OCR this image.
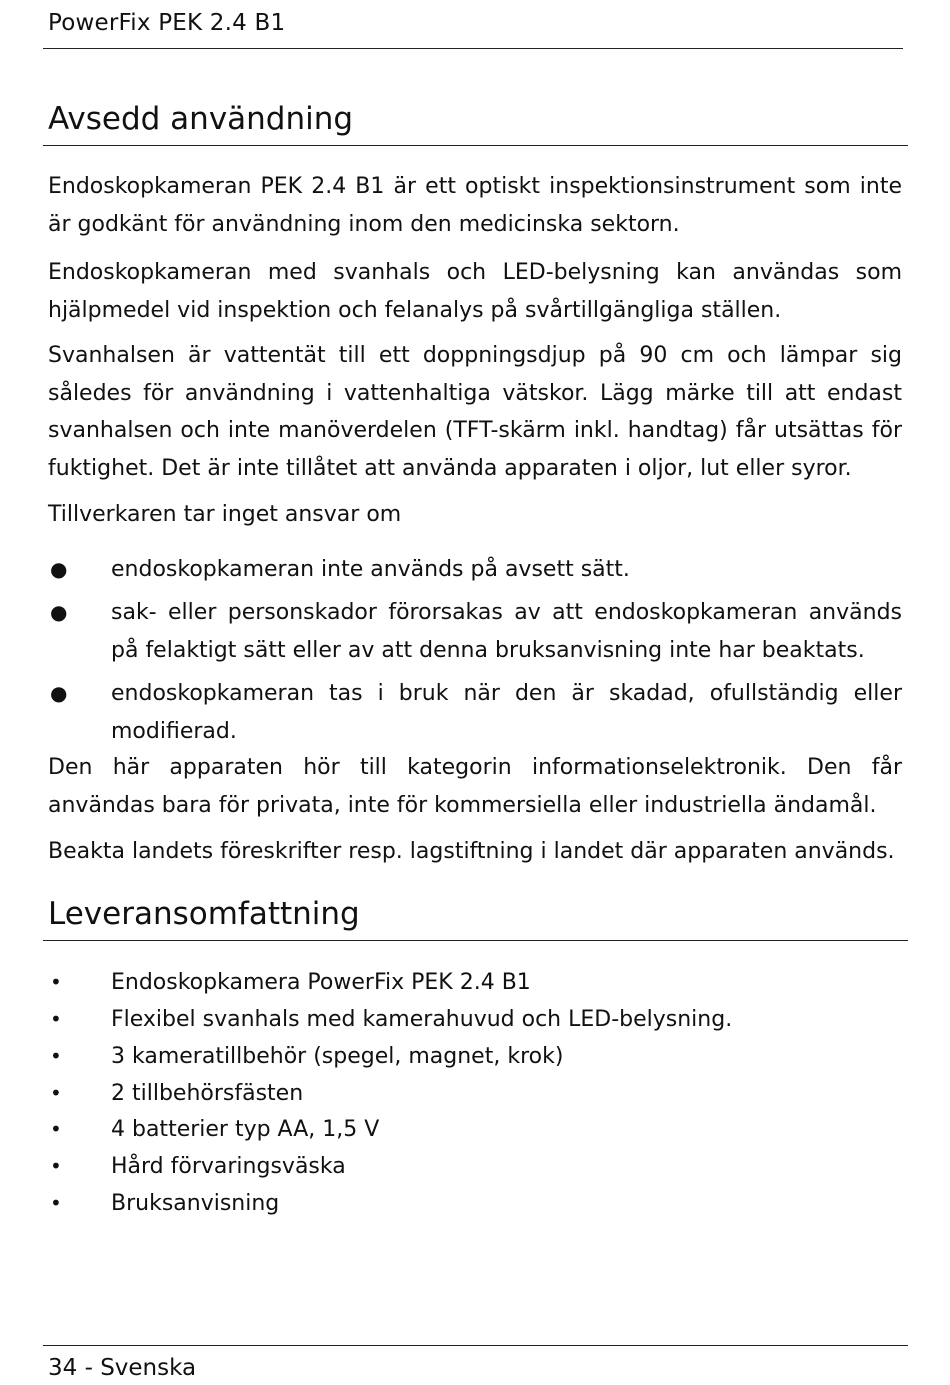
PowerFix PEK 2.4 B1
Avsedd användning

Endoskopkameran PEK 2.4 B1 är ett optiskt inspektionsinstrument som inte är godkänt för användning inom den medicinska sektorn.

Endoskopkameran med svanhals och LED-belysning kan användas som hjälpmedel vid inspektion och felanalys på svårtillgängliga ställen.

Svanhalsen är vattentät till ett doppningsdjup på 90 cm och lämpar sig således för användning i vattenhaltiga vätskor. Lägg märke till att endast svanhalsen och inte manöverdelen (TFT-skärm inkl. handtag) får utsättas för fuktighet. Det är inte tillåtet att använda apparaten i oljor, lut eller syror.

Tillverkaren tar inget ansvar om

● endoskopkameran inte används på avsett sätt.
● sak- eller personskador förorsakas av att endoskopkameran används på felaktigt sätt eller av att denna bruksanvisning inte har beaktats.
● endoskopkameran tas i bruk när den är skadad, ofullständig eller modifierad.

Den här apparaten hör till kategorin informationselektronik. Den får användas bara för privata, inte för kommersiella eller industriella ändamål.

Beakta landets föreskrifter resp. lagstiftning i landet där apparaten används.

Leveransomfattning
•	Endoskopkamera PowerFix PEK 2.4 B1
•	Flexibel svanhals med kamerahuvud och LED-belysning.
•	3 kameratillbehör (spegel, magnet, krok)
•	2 tillbehörsfästen
•	4 batterier typ AA, 1,5 V
•	Hård förvaringsväska
•	Bruksanvisning
34 - Svenska
